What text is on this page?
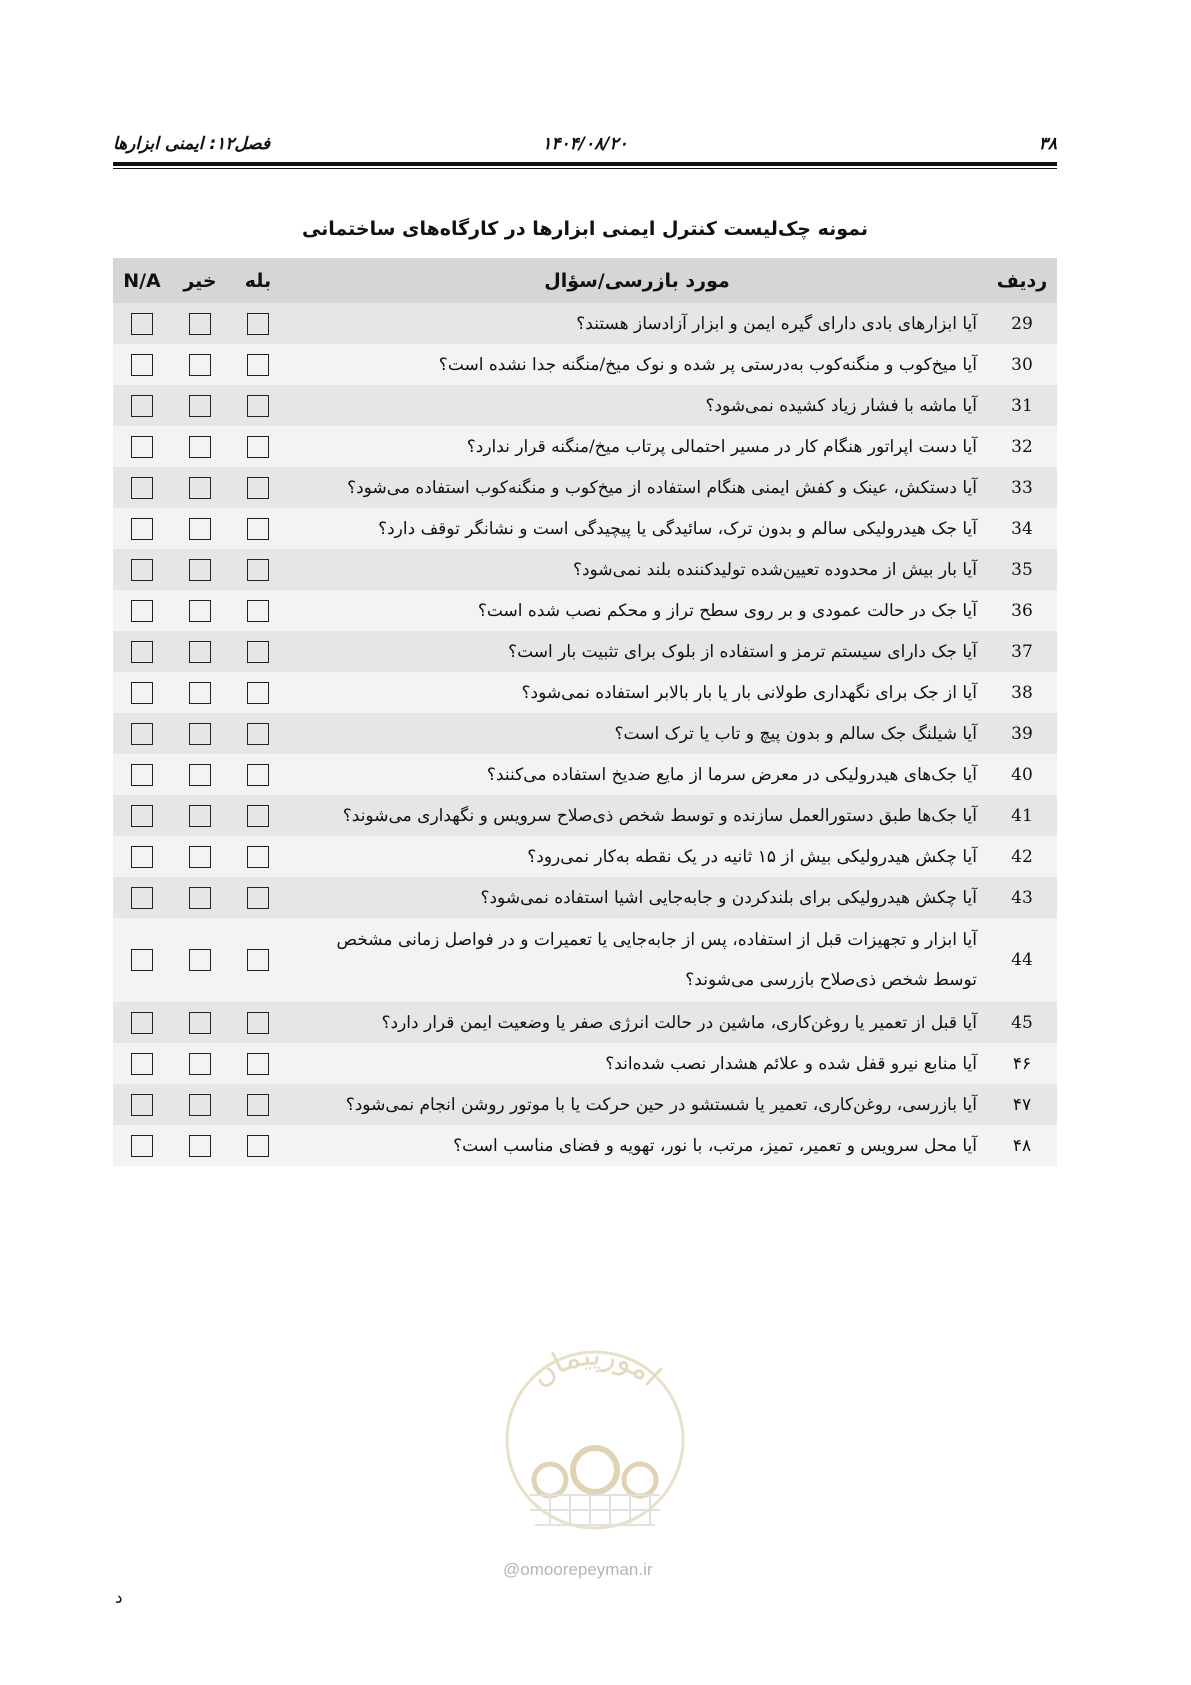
۳۸
۱۴۰۴/۰۸/۲۰
فصل۱۲: ایمنی ابزارها
نمونه چک‌لیست کنترل ایمنی ابزارها در کارگاه‌های ساختمانی
ردیف	مورد بازرسی/سؤال	بله	خیر	N/A
29	آیا ابزارهای بادی دارای گیره ایمن و ابزار آزادساز هستند؟			
30	آیا میخ‌کوب و منگنه‌کوب به‌درستی پر شده و نوک میخ/منگنه جدا نشده است؟			
31	آیا ماشه با فشار زیاد کشیده نمی‌شود؟			
32	آیا دست اپراتور هنگام کار در مسیر احتمالی پرتاب میخ/منگنه قرار ندارد؟			
33	آیا دستکش، عینک و کفش ایمنی هنگام استفاده از میخ‌کوب و منگنه‌کوب استفاده می‌شود؟			
34	آیا جک هیدرولیکی سالم و بدون ترک، سائیدگی یا پیچیدگی است و نشانگر توقف دارد؟			
35	آیا بار بیش از محدوده تعیین‌شده تولیدکننده بلند نمی‌شود؟			
36	آیا جک در حالت عمودی و بر روی سطح تراز و محکم نصب شده است؟			
37	آیا جک دارای سیستم ترمز و استفاده از بلوک برای تثبیت بار است؟			
38	آیا از جک برای نگهداری طولانی بار یا بار بالابر استفاده نمی‌شود؟			
39	آیا شیلنگ جک سالم و بدون پیچ و تاب یا ترک است؟			
40	آیا جک‌های هیدرولیکی در معرض سرما از مایع ضدیخ استفاده می‌کنند؟			
41	آیا جک‌ها طبق دستورالعمل سازنده و توسط شخص ذی‌صلاح سرویس و نگهداری می‌شوند؟			
42	آیا چکش هیدرولیکی بیش از ۱۵ ثانیه در یک نقطه به‌کار نمی‌رود؟			
43	آیا چکش هیدرولیکی برای بلندکردن و جابه‌جایی اشیا استفاده نمی‌شود؟			
44	آیا ابزار و تجهیزات قبل از استفاده، پس از جابه‌جایی یا تعمیرات و در فواصل زمانی مشخص توسط شخص ذی‌صلاح بازرسی می‌شوند؟			
45	آیا قبل از تعمیر یا روغن‌کاری، ماشین در حالت انرژی صفر یا وضعیت ایمن قرار دارد؟			
۴۶	آیا منابع نیرو قفل شده و علائم هشدار نصب شده‌اند؟			
۴۷	آیا بازرسی، روغن‌کاری، تعمیر یا شستشو در حین حرکت یا با موتور روشن انجام نمی‌شود؟			
۴۸	آیا محل سرویس و تعمیر، تمیز، مرتب، با نور، تهویه و فضای مناسب است؟			
امورپیمان
@omoorepeyman.ir
د
